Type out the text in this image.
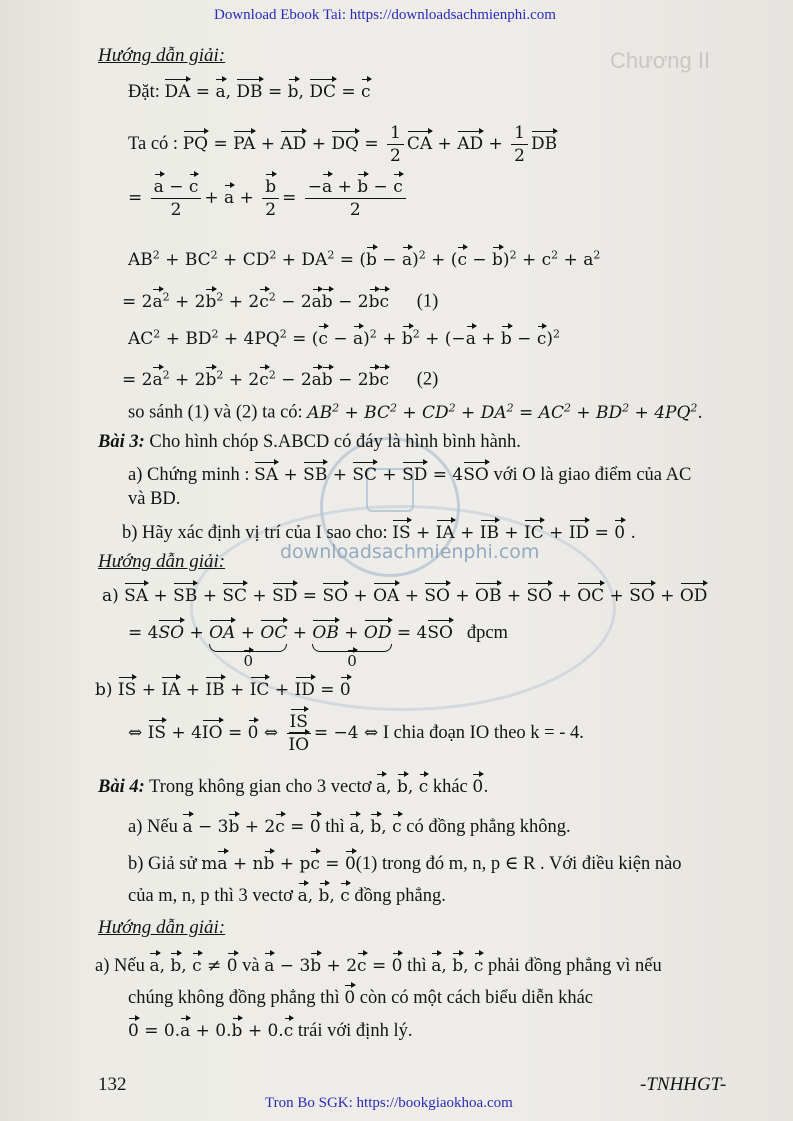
Chương II
Download Ebook Tai: https://downloadsachmienphi.com
downloadsachmienphi.com
Hướng dẫn giải:
Đặt: DA = a, DB = b, DC = c
Ta có : PQ = PA + AD + DQ = $\frac{1}{2}$ CA + AD + $\frac{1}{2}$ DB
= $\frac{a - c}{2} + a + \frac{b}{2} = \frac{-a + b - c}{2}$
$AB^2 + BC^2 + CD^2 + DA^2 = (b - a)^2 + (c - b)^2 + c^2 + a^2$
= $2a^2 + 2b^2 + 2c^2 - 2ab - 2bc$ (1)
$AC^2 + BD^2 + 4PQ^2 = (c - a)^2 + b^2 + (-a + b - c)^2$
= $2a^2 + 2b^2 + 2c^2 - 2ab - 2bc$ (2)
so sánh (1) và (2) ta có: $AB^2 + BC^2 + CD^2 + DA^2 = AC^2 + BD^2 + 4PQ^2$.
Bài 3: Cho hình chóp S.ABCD có đáy là hình bình hành.
a) Chứng minh : SA + SB + SC + SD = 4SO với O là giao điểm của AC
và BD.
b) Hãy xác định vị trí của I sao cho: IS + IA + IB + IC + ID = 0 .
Hướng dẫn giải:
a) SA + SB + SC + SD = SO + OA + SO + OB + SO + OC + SO + OD
= 4SO + OA + OC
0
+ OB + OD
0
= 4SO đpcm
b) IS + IA + IB + IC + ID = 0
⇔ IS + 4IO = 0 ⇔ $\frac{IS}{IO} = -4$ ⇔ I chia đoạn IO theo k = - 4.
Bài 4: Trong không gian cho 3 vectơ a, b, c khác 0.
a) Nếu a − 3b + 2c = 0 thì a, b, c có đồng phẳng không.
b) Giả sử ma + nb + pc = 0(1) trong đó m, n, p ∈ R . Với điều kiện nào
của m, n, p thì 3 vectơ a, b, c đồng phẳng.
Hướng dẫn giải:
a) Nếu a, b, c ≠ 0 và a − 3b + 2c = 0 thì a, b, c phải đồng phẳng vì nếu
chúng không đồng phẳng thì 0 còn có một cách biểu diễn khác
0 = 0.a + 0.b + 0.c trái với định lý.
132	-TNHHGT-
Tron Bo SGK: https://bookgiaokhoa.com
